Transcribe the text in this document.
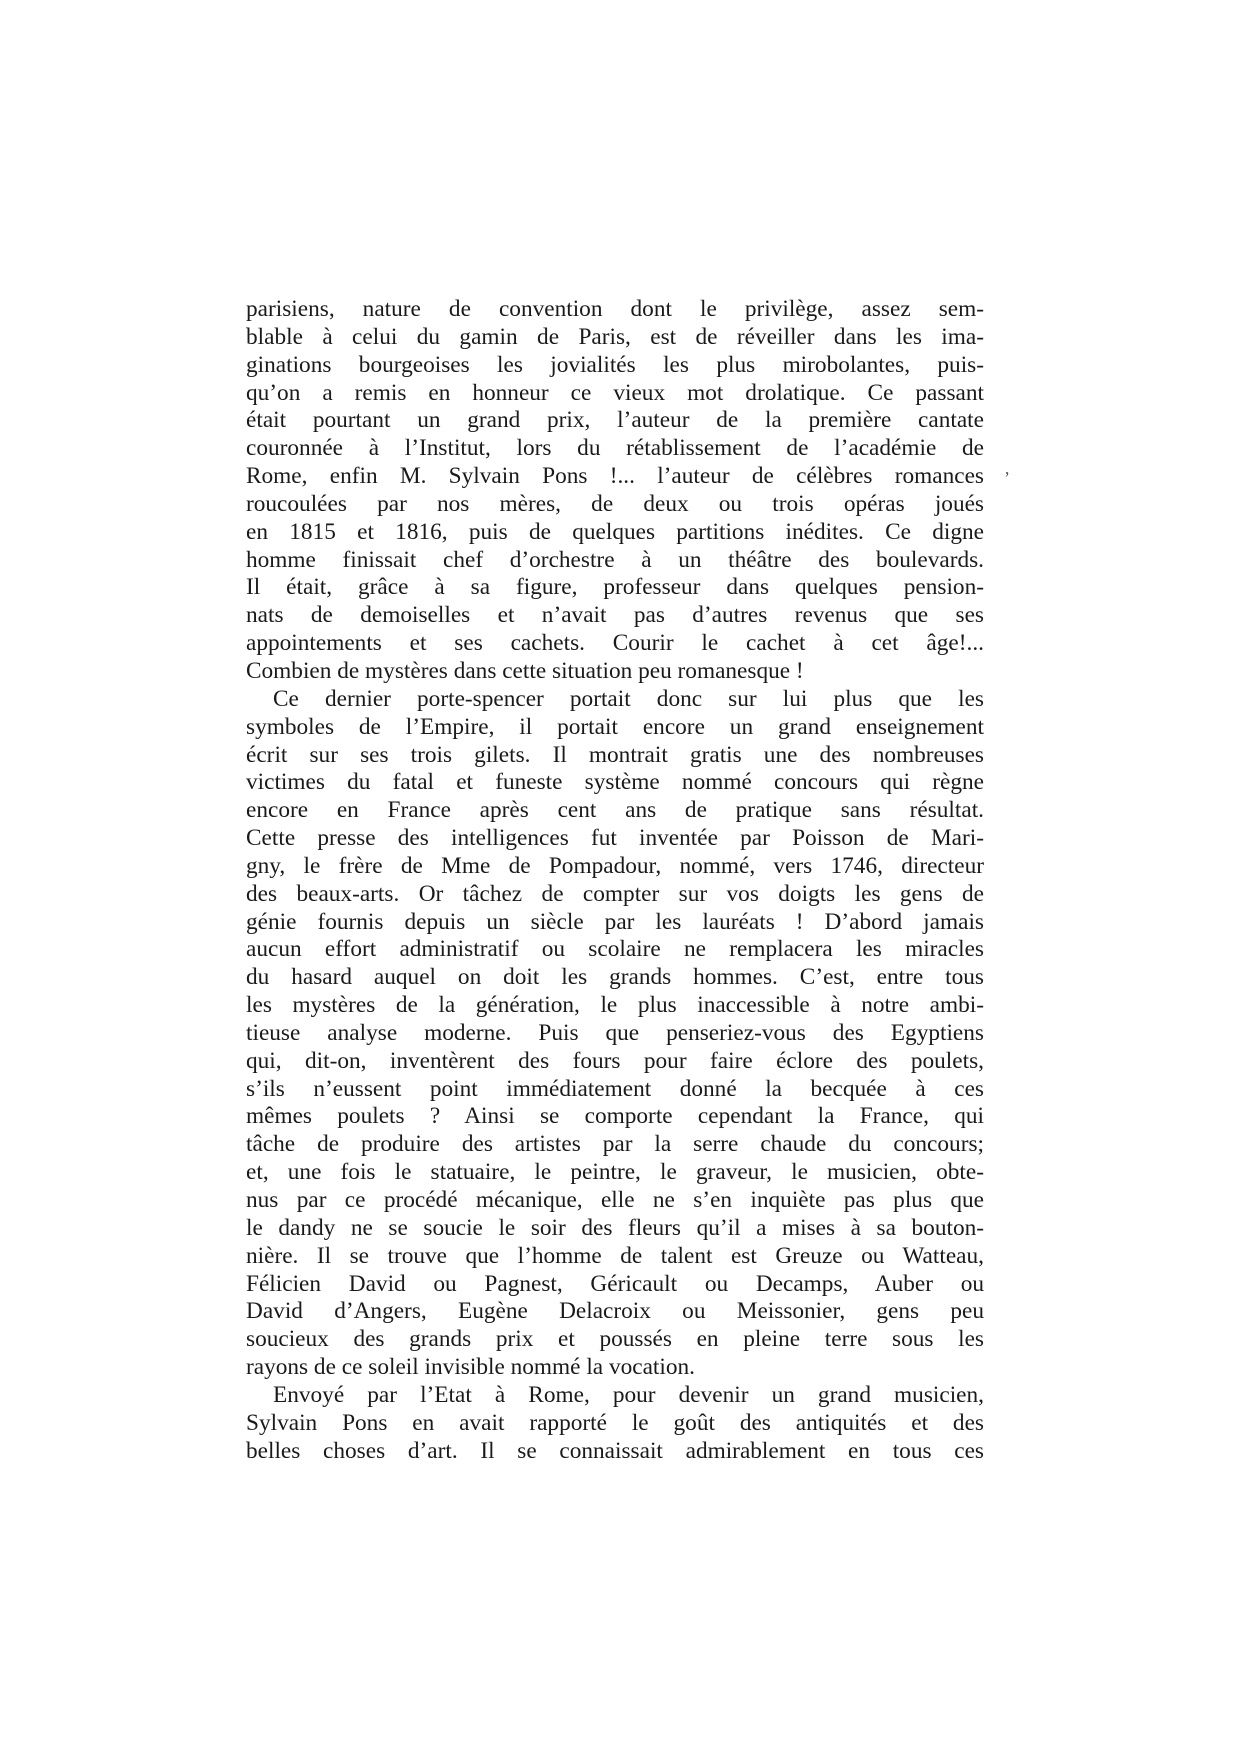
parisiens, nature de convention dont le privilège, assez sem-
blable à celui du gamin de Paris, est de réveiller dans les ima-
ginations bourgeoises les jovialités les plus mirobolantes, puis-
qu’on a remis en honneur ce vieux mot drolatique. Ce passant
était pourtant un grand prix, l’auteur de la première cantate
couronnée à l’Institut, lors du rétablissement de l’académie de
Rome, enfin M. Sylvain Pons !... l’auteur de célèbres romances
roucoulées par nos mères, de deux ou trois opéras joués
en 1815 et 1816, puis de quelques partitions inédites. Ce digne
homme finissait chef d’orchestre à un théâtre des boulevards.
Il était, grâce à sa figure, professeur dans quelques pension-
nats de demoiselles et n’avait pas d’autres revenus que ses
appointements et ses cachets. Courir le cachet à cet âge!...
Combien de mystères dans cette situation peu romanesque !
Ce dernier porte-spencer portait donc sur lui plus que les
symboles de l’Empire, il portait encore un grand enseignement
écrit sur ses trois gilets. Il montrait gratis une des nombreuses
victimes du fatal et funeste système nommé concours qui règne
encore en France après cent ans de pratique sans résultat.
Cette presse des intelligences fut inventée par Poisson de Mari-
gny, le frère de Mme de Pompadour, nommé, vers 1746, directeur
des beaux-arts. Or tâchez de compter sur vos doigts les gens de
génie fournis depuis un siècle par les lauréats ! D’abord jamais
aucun effort administratif ou scolaire ne remplacera les miracles
du hasard auquel on doit les grands hommes. C’est, entre tous
les mystères de la génération, le plus inaccessible à notre ambi-
tieuse analyse moderne. Puis que penseriez-vous des Egyptiens
qui, dit-on, inventèrent des fours pour faire éclore des poulets,
s’ils n’eussent point immédiatement donné la becquée à ces
mêmes poulets ? Ainsi se comporte cependant la France, qui
tâche de produire des artistes par la serre chaude du concours;
et, une fois le statuaire, le peintre, le graveur, le musicien, obte-
nus par ce procédé mécanique, elle ne s’en inquiète pas plus que
le dandy ne se soucie le soir des fleurs qu’il a mises à sa bouton-
nière. Il se trouve que l’homme de talent est Greuze ou Watteau,
Félicien David ou Pagnest, Géricault ou Decamps, Auber ou
David d’Angers, Eugène Delacroix ou Meissonier, gens peu
soucieux des grands prix et poussés en pleine terre sous les
rayons de ce soleil invisible nommé la vocation.
Envoyé par l’Etat à Rome, pour devenir un grand musicien,
Sylvain Pons en avait rapporté le goût des antiquités et des
belles choses d’art. Il se connaissait admirablement en tous ces
’
